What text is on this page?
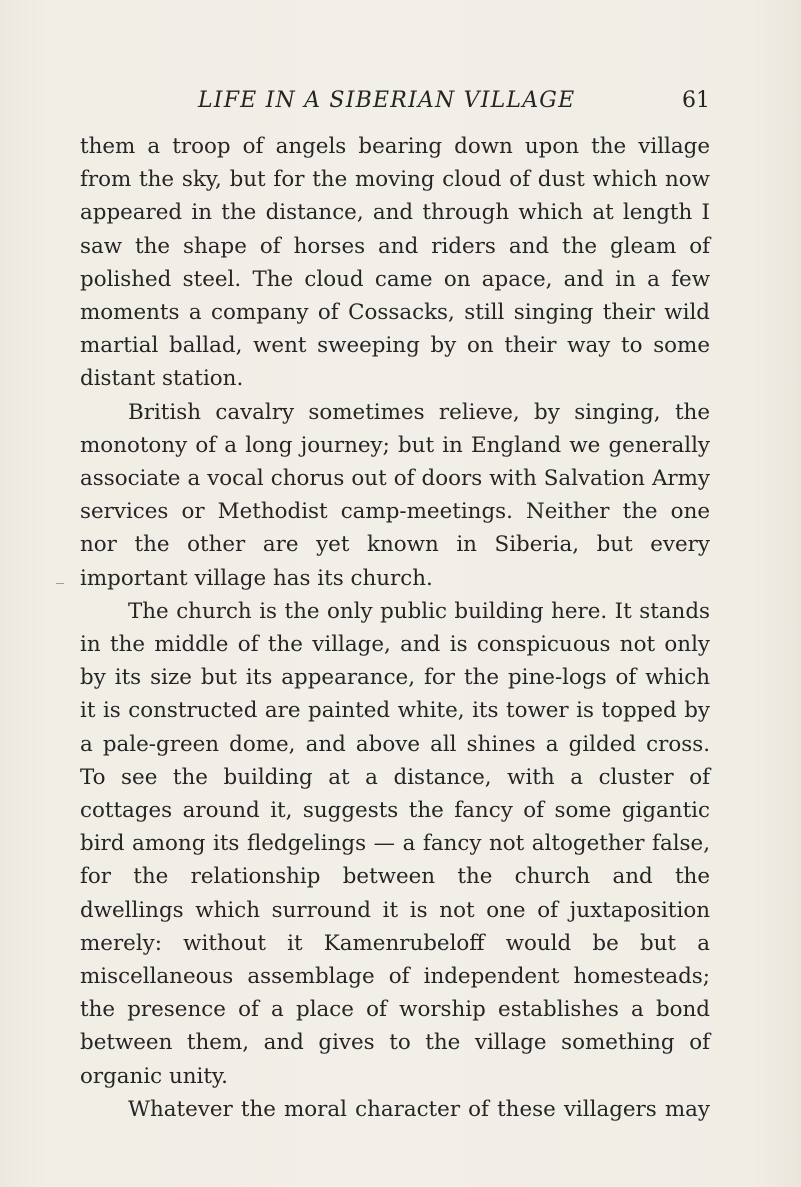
LIFE IN A SIBERIAN VILLAGE	61

them a troop of angels bearing down upon the village from the sky, but for the moving cloud of dust which now appeared in the distance, and through which at length I saw the shape of horses and riders and the gleam of polished steel. The cloud came on apace, and in a few moments a company of Cossacks, still singing their wild martial ballad, went sweeping by on their way to some distant station.

British cavalry sometimes relieve, by singing, the monotony of a long journey; but in England we generally associate a vocal chorus out of doors with Salvation Army services or Methodist camp-meetings. Neither the one nor the other are yet known in Siberia, but every important village has its church.

The church is the only public building here. It stands in the middle of the village, and is conspicuous not only by its size but its appearance, for the pine-logs of which it is constructed are painted white, its tower is topped by a pale-green dome, and above all shines a gilded cross. To see the building at a distance, with a cluster of cottages around it, suggests the fancy of some gigantic bird among its fledgelings — a fancy not altogether false, for the relationship between the church and the dwellings which surround it is not one of juxtaposition merely: without it Kamenrubeloff would be but a miscellaneous assemblage of independent homesteads; the presence of a place of worship establishes a bond between them, and gives to the village something of organic unity.

Whatever the moral character of these villagers may
